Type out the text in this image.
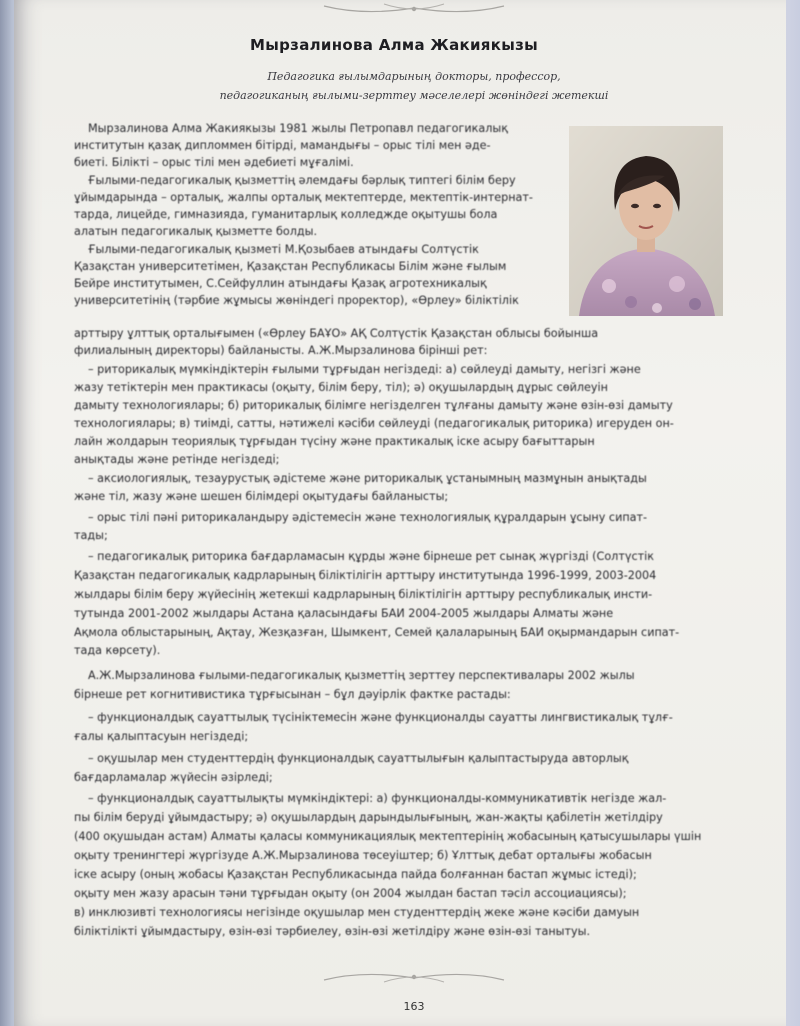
Мырзалинова Алма Жакиякызы
Педагогика ғылымдарының докторы, профессор,
педагогиканың ғылыми-зерттеу мәселелері жөніндегі жетекші
Мырзалинова Алма Жакиякызы 1981 жылы Петропавл педагогикалық
институтын қазақ дипломмен бітірді, мамандығы – орыс тілі мен әде-
биеті. Білікті – орыс тілі мен әдебиеті мұғалімі.
Ғылыми-педагогикалық қызметтің әлемдағы бәрлық типтегі білім беру
ұйымдарында – орталық, жалпы орталық мектептерде, мектептік-интернат-
тарда, лицейде, гимназияда, гуманитарлық колледжде оқытушы бола
алатын педагогикалық қызметте болды.
Ғылыми-педагогикалық қызметі М.Қозыбаев атындағы Солтүстік
Қазақстан университетімен, Қазақстан Республикасы Білім және ғылым
Бейре институтымен, С.Сейфуллин атындағы Қазақ агротехникалық
университетінің (тәрбие жұмысы жөніндегі проректор), «Өрлеу» біліктілік
арттыру ұлттық орталығымен («Өрлеу БАҰО» АҚ Солтүстік Қазақстан облысы бойынша
филиалының директоры) байланысты. А.Ж.Мырзалинова бірінші рет:
– риторикалық мүмкіндіктерін ғылыми тұрғыдан негіздеді: а) сөйлеуді дамыту, негізгі және
жазу тетіктерін мен практикасы (оқыту, білім беру, тіл); ә) оқушылардың дұрыс сөйлеуін
дамыту технологиялары; б) риторикалық білімге негізделген тұлғаны дамыту және өзін-өзі дамыту
технологиялары; в) тиімді, сатты, нәтижелі кәсіби сөйлеуді (педагогикалық риторика) игеруден он-
лайн жолдарын теориялық тұрғыдан түсіну және практикалық іске асыру бағыттарын
анықтады және ретінде негіздеді;
– аксиологиялық, тезаурустық әдістеме және риторикалық ұстанымның мазмұнын анықтады
және тіл, жазу және шешен білімдері оқытудағы байланысты;
– орыс тілі пәні риторикаландыру әдістемесін және технологиялық құралдарын ұсыну сипат-
тады;
– педагогикалық риторика бағдарламасын құрды және бірнеше рет сынақ жүргізді (Солтүстік
Қазақстан педагогикалық кадрларының біліктілігін арттыру институтында 1996-1999, 2003-2004
жылдары білім беру жүйесінің жетекші кадрларының біліктілігін арттыру республикалық инсти-
тутында 2001-2002 жылдары Астана қаласындағы БАИ 2004-2005 жылдары Алматы және
Ақмола облыстарының, Ақтау, Жезқазған, Шымкент, Семей қалаларының БАИ оқырмандарын сипат-
тада көрсету).
А.Ж.Мырзалинова ғылыми-педагогикалық қызметтің зерттеу перспективалары 2002 жылы
бірнеше рет когнитивистика тұрғысынан – бұл дәуірлік фактке растады:
– функционалдық сауаттылық түсініктемесін және функционалды сауатты лингвистикалық тұлғ-
ғалы қалыптасуын негіздеді;
– оқушылар мен студенттердің функционалдық сауаттылығын қалыптастыруда авторлық
бағдарламалар жүйесін әзірледі;
– функционалдық сауаттылықты мүмкіндіктері: а) функционалды-коммуникативтік негізде жал-
пы білім беруді ұйымдастыру; ә) оқушылардың дарындылығының, жан-жақты қабілетін жетілдіру
(400 оқушыдан астам) Алматы қаласы коммуникациялық мектептерінің жобасының қатысушылары үшін
оқыту тренингтері жүргізуде А.Ж.Мырзалинова төсеуіштер; б) Ұлттық дебат орталығы жобасын
іске асыру (оның жобасы Қазақстан Республикасында пайда болғаннан бастап жұмыс істеді);
оқыту мен жазу арасын тәни тұрғыдан оқыту (он 2004 жылдан бастап тәсіл ассоциациясы);
в) инклюзивті технологиясы негізінде оқушылар мен студенттердің жеке және кәсіби дамуын
біліктілікті ұйымдастыру, өзін-өзі тәрбиелеу, өзін-өзі жетілдіру және өзін-өзі танытуы.
163
